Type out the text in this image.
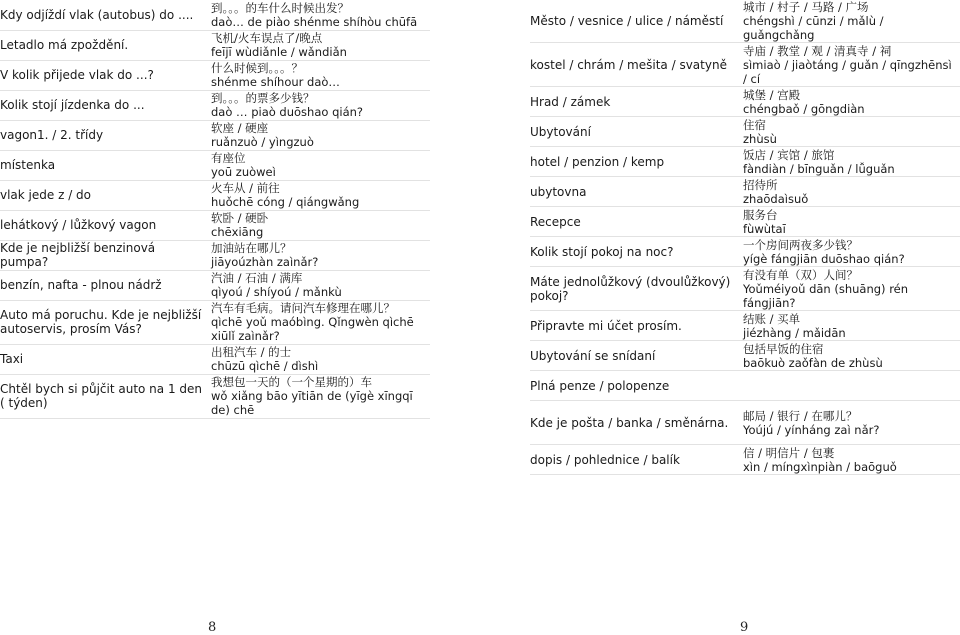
Kdy odjíždí vlak (autobus) do ....	到。。。的车什么时候出发？
daò… de piào shénme shíhòu chūfā

Letadlo má zpoždění.	飞机/火车误点了/晚点
feījī wùdiǎnle / wǎndiǎn

V kolik přijede vlak do ...?	什么时候到。。。？
shénme shíhour daò…

Kolik stojí jízdenka do ...	到。。。的票多少钱？
daò … piaò duōshao qián?

vagon1. / 2. třídy	软座 / 硬座
ruǎnzuò / yìngzuò

místenka	有座位
yoū zuòweì

vlak jede z / do	火车从 / 前往
huǒchē cóng / qiángwǎng

lehátkový / lůžkový vagon	软卧 / 硬卧
chēxiāng

Kde je nejbližší benzinová pumpa?	加油站在哪儿？
jiāyoúzhàn zaìnǎr?

benzín, nafta - plnou nádrž	汽油 / 石油 / 满库
qìyoú / shíyoú / mǎnkù

Auto má poruchu. Kde je nejbližší autoservis, prosím Vás?	汽车有毛病。请问汽车修理在哪儿？
qìchē yoǔ maóbìng. Qǐngwèn qìchē xiūlǐ zaìnǎr?

Taxi	出租汽车 / 的士
chūzū qìchē / dìshì

Chtěl bych si půjčit auto na 1 den ( týden)	我想包一天的（一个星期的）车
wǒ xiǎng bāo yītiān de (yīgè xīngqī de) chē
Město / vesnice / ulice / náměstí	城市 / 村子 / 马路 / 广场
chéngshì / cūnzi / mǎlù / guǎngchǎng

kostel / chrám / mešita / svatyně	寺庙 / 教堂 / 观 / 清真寺 / 祠
sìmiaò / jiaòtáng / guǎn / qīngzhēnsì / cí

Hrad / zámek	城堡 / 宫殿
chéngbaǒ / gōngdiàn

Ubytování	住宿
zhùsù

hotel / penzion / kemp	饭店 / 宾馆 / 旅馆
fàndiàn / bīnguǎn / lǚguǎn

ubytovna	招待所
zhaōdaìsuǒ

Recepce	服务台
fùwùtaī

Kolik stojí pokoj na noc?	一个房间两夜多少钱？
yígè fángjiān duōshao qián?

Máte jednolůžkový (dvoulůžkový) pokoj?	有没有单（双）人间？
Yoǔméiyoǔ dān (shuāng) rén fángjiān?

Připravte mi účet prosím.	结账 / 买单
jiézhàng / mǎidān

Ubytování se snídaní	包括早饭的住宿
baōkuò zaǒfàn de zhùsù

Plná penze / polopenze	

Kde je pošta / banka / směnárna.	邮局 / 银行 / 在哪儿？
Yoújú / yínháng zaì nǎr?

dopis / pohlednice / balík	信 / 明信片 / 包裹
xìn / míngxìnpiàn / baōguǒ
8	9
